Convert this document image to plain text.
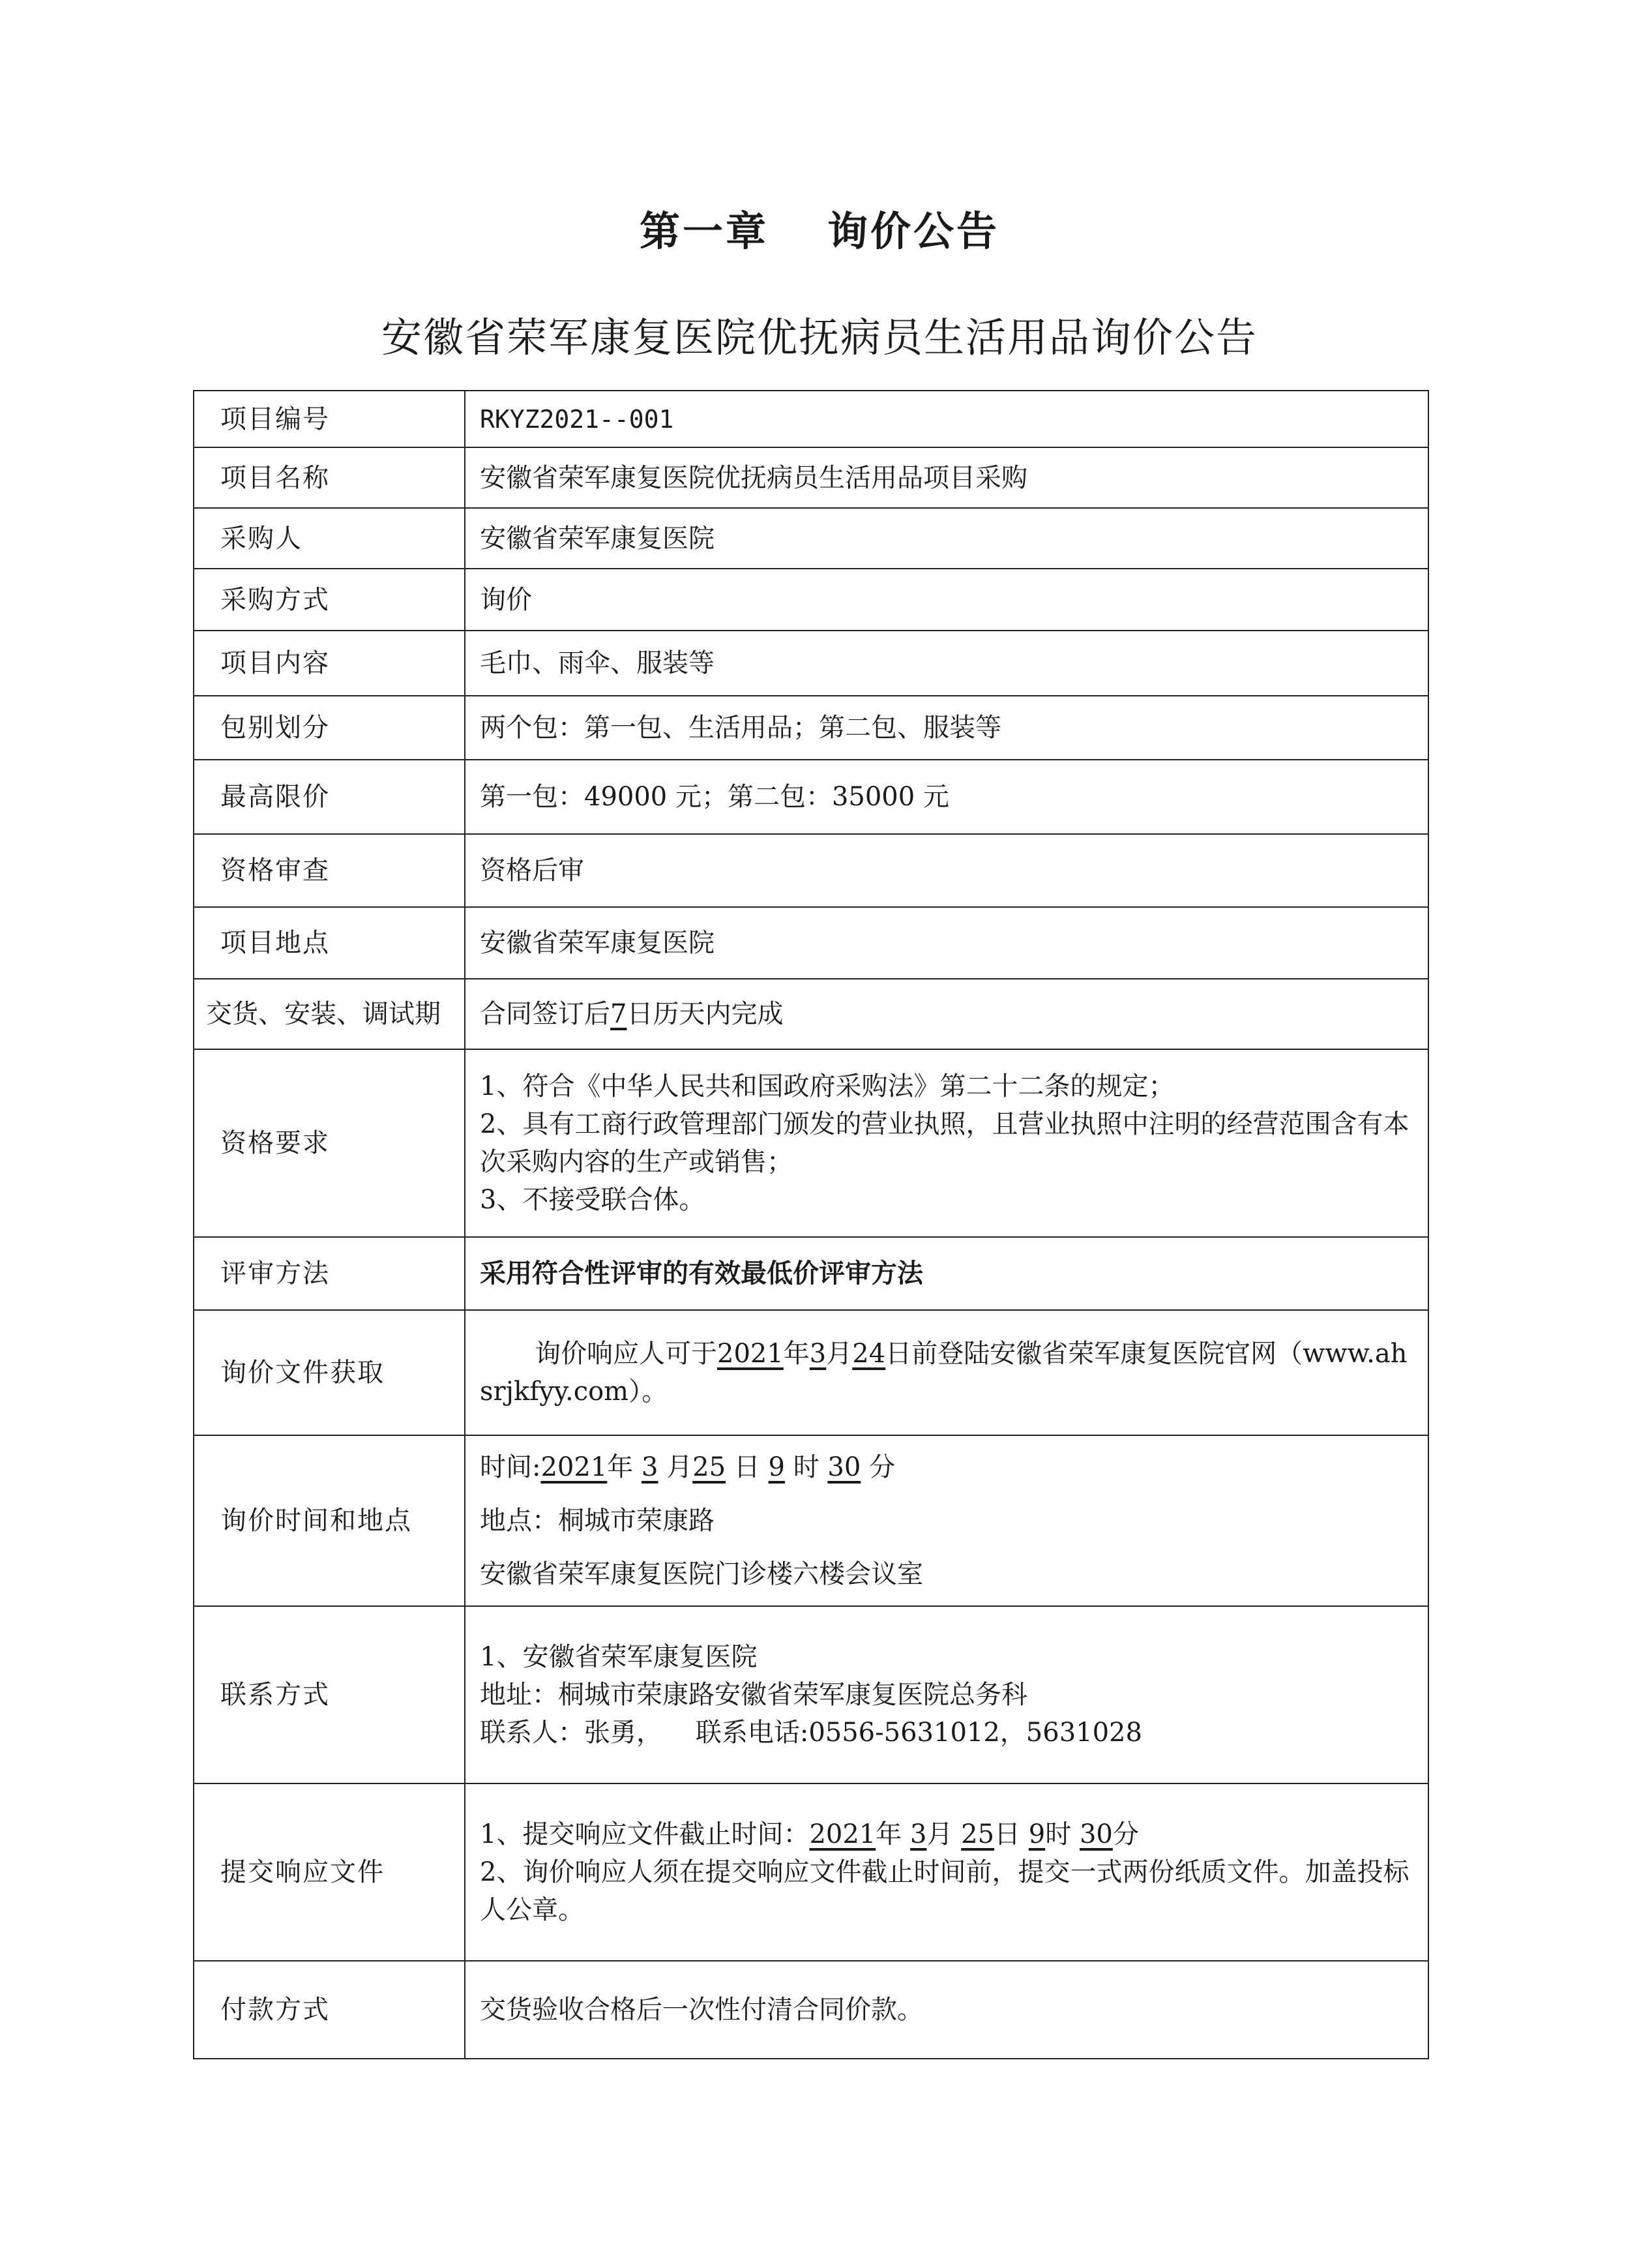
第一章 询价公告
安徽省荣军康复医院优抚病员生活用品询价公告
项目编号	RKYZ2021--001
项目名称	安徽省荣军康复医院优抚病员生活用品项目采购
采购人	安徽省荣军康复医院
采购方式	询价
项目内容	毛巾、雨伞、服装等
包别划分	两个包：第一包、生活用品；第二包、服装等
最高限价	第一包：49000 元；第二包：35000 元
资格审查	资格后审
项目地点	安徽省荣军康复医院
交货、安装、调试期	合同签订后7日历天内完成
资格要求	1、符合《中华人民共和国政府采购法》第二十二条的规定；
2、具有工商行政管理部门颁发的营业执照，且营业执照中注明的经营范围含有本次采购内容的生产或销售；
3、不接受联合体。

评审方法	采用符合性评审的有效最低价评审方法
询价文件获取	询价响应人可于2021年3月24日前登陆安徽省荣军康复医院官网（www.ahsrjkfyy.com）。
询价时间和地点	时间:2021年 3 月25 日 9 时 30 分
地点：桐城市荣康路
安徽省荣军康复医院门诊楼六楼会议室

联系方式	1、安徽省荣军康复医院
地址：桐城市荣康路安徽省荣军康复医院总务科
联系人：张勇， 联系电话:0556-5631012，5631028

提交响应文件	1、提交响应文件截止时间：2021年 3月 25日 9时 30分
2、询价响应人须在提交响应文件截止时间前，提交一式两份纸质文件。加盖投标人公章。

付款方式	交货验收合格后一次性付清合同价款。
